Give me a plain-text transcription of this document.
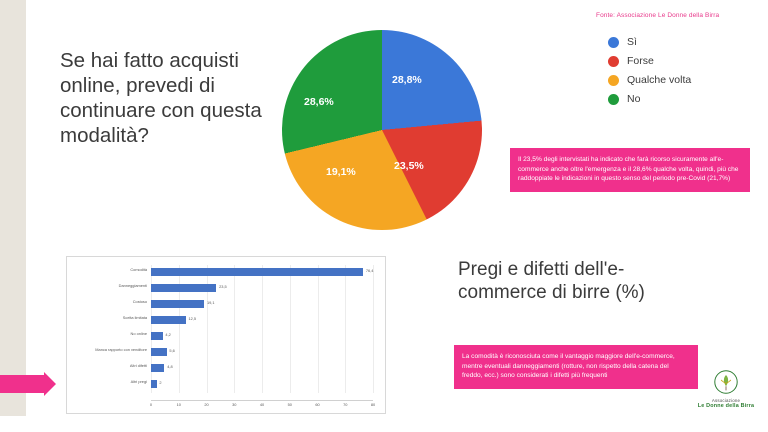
Fonte: Associazione Le Donne della Birra
Se hai fatto acquisti online, prevedi di continuare con questa modalità?
23,5%
19,1%
28,6%
28,8%
Sì
Forse
Qualche volta
No
Il 23,5% degli intervistati ha indicato che farà ricorso sicuramente all'e-commerce anche oltre l'emergenza e il 28,6% qualche volta, quindi, più che raddoppiate le indicazioni in questo senso del periodo pre-Covid (21,7%)
Pregi e difetti dell'e-commerce di birre (%)
La comodità è riconosciuta come il vantaggio maggiore dell'e-commerce, mentre eventuali danneggiamenti (rotture, non rispetto della catena del freddo, ecc.) sono considerati i difetti più frequenti
Comodità	76,4
Danneggiamenti	23,5
Costoso	19,1
Scelta limitata	12,5
No online	4,2
Manca rapporto con venditore	5,6
Altri difetti	4,8
Altri pregi	2
0	10	20	30	40	50	60	70	80
Associazione
Le Donne della Birra
